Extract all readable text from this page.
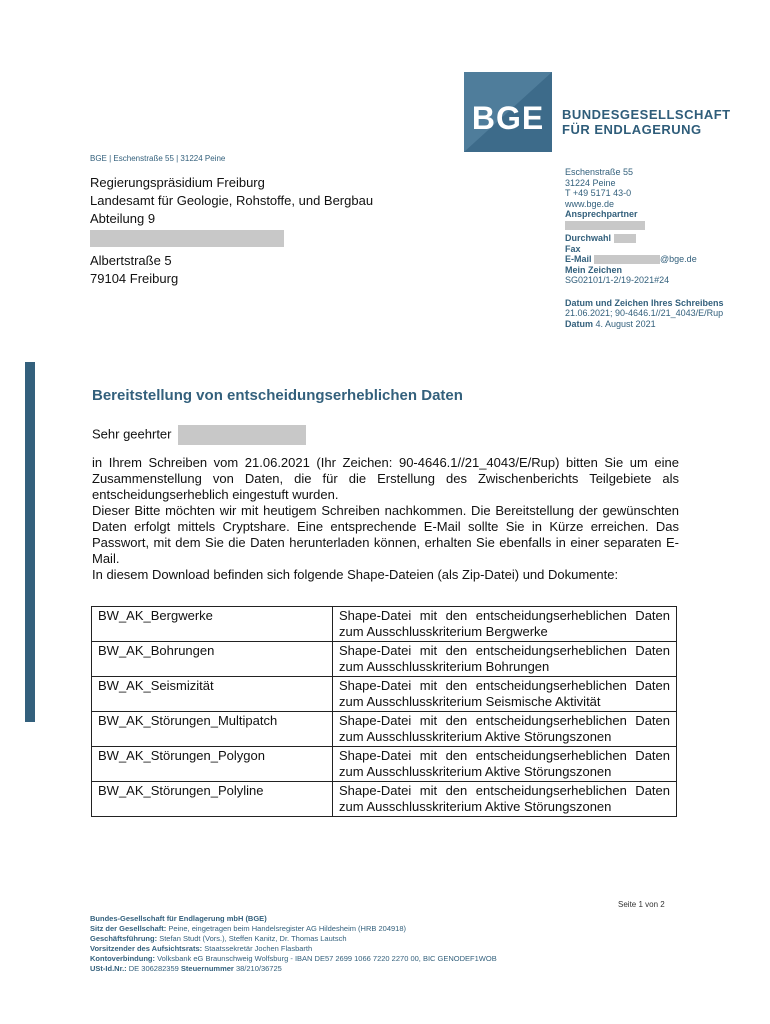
BGE	BUNDESGESELLSCHAFT
FÜR ENDLAGERUNG
BGE | Eschenstraße 55 | 31224 Peine
Regierungspräsidium Freiburg
Landesamt für Geologie, Rohstoffe, und Bergbau
Abteilung 9
Albertstraße 5
79104 Freiburg
Eschenstraße 55
31224 Peine
T +49 5171 43-0
www.bge.de
Ansprechpartner
Durchwahl
Fax
E-Mail	@bge.de
Mein Zeichen
SG02101/1-2/19-2021#24
Datum und Zeichen Ihres Schreibens
21.06.2021; 90-4646.1//21_4043/E/Rup
Datum 4. August 2021
Bereitstellung von entscheidungserheblichen Daten
Sehr geehrter

in Ihrem Schreiben vom 21.06.2021 (Ihr Zeichen: 90-4646.1//21_4043/E/Rup) bitten Sie um eine Zusammenstellung von Daten, die für die Erstellung des Zwischenberichts Teilgebiete als entscheidungserheblich eingestuft wurden.

Dieser Bitte möchten wir mit heutigem Schreiben nachkommen. Die Bereitstellung der gewünschten Daten erfolgt mittels Cryptshare. Eine entsprechende E-Mail sollte Sie in Kürze erreichen. Das Passwort, mit dem Sie die Daten herunterladen können, erhalten Sie ebenfalls in einer separaten E-Mail.

In diesem Download befinden sich folgende Shape-Dateien (als Zip-Datei) und Dokumente:

BW_AK_Bergwerke	Shape-Datei mit den entscheidungserheblichen Daten zum Ausschlusskriterium Bergwerke
BW_AK_Bohrungen	Shape-Datei mit den entscheidungserheblichen Daten zum Ausschlusskriterium Bohrungen
BW_AK_Seismizität	Shape-Datei mit den entscheidungserheblichen Daten zum Ausschlusskriterium Seismische Aktivität
BW_AK_Störungen_Multipatch	Shape-Datei mit den entscheidungserheblichen Daten zum Ausschlusskriterium Aktive Störungszonen
BW_AK_Störungen_Polygon	Shape-Datei mit den entscheidungserheblichen Daten zum Ausschlusskriterium Aktive Störungszonen
BW_AK_Störungen_Polyline	Shape-Datei mit den entscheidungserheblichen Daten zum Ausschlusskriterium Aktive Störungszonen
Seite 1 von 2
Bundes-Gesellschaft für Endlagerung mbH (BGE)
Sitz der Gesellschaft: Peine, eingetragen beim Handelsregister AG Hildesheim (HRB 204918)
Geschäftsführung: Stefan Studt (Vors.), Steffen Kanitz, Dr. Thomas Lautsch
Vorsitzender des Aufsichtsrats: Staatssekretär Jochen Flasbarth
Kontoverbindung: Volksbank eG Braunschweig Wolfsburg - IBAN DE57 2699 1066 7220 2270 00, BIC GENODEF1WOB
USt-Id.Nr.: DE 306282359 Steuernummer 38/210/36725
